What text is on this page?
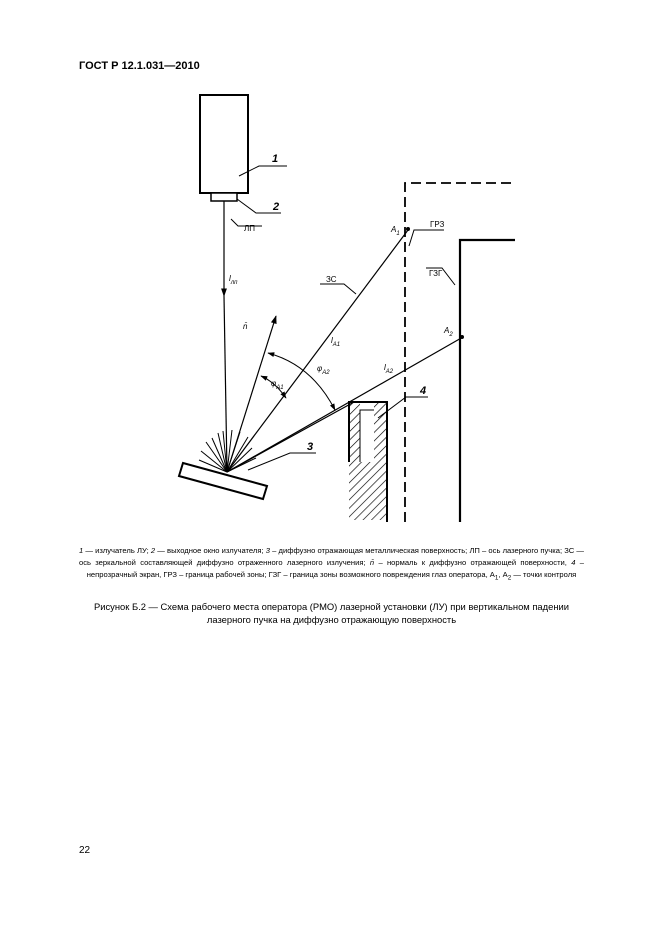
ГОСТ Р 12.1.031—2010
1
2
3
4
ЛП
ЗС
ГРЗ
ГЗГ
n̄
$A_1$
$A_2$
$\varphi_{A1}$
$\varphi_{A2}$
$l_{лп}$
$l_{A1}$
$l_{A2}$
1 — излучатель ЛУ; 2 — выходное окно излучателя; 3 – диффузно отражающая металлическая поверхность; ЛП – ось лазерного пучка; ЗС — ось зеркальной составляющей диффузно отраженного лазерного излучения; n̄ – нормаль к диффузно отражающей поверхности, 4 – непрозрачный экран, ГРЗ – граница рабочей зоны; ГЗГ – граница зоны возможного повреждения глаз оператора, $А_1$, $А_2$ — точки контроля
Рисунок Б.2 — Схема рабочего места оператора (РМО) лазерной установки (ЛУ) при вертикальном падении лазерного пучка на диффузно отражающую поверхность
22
